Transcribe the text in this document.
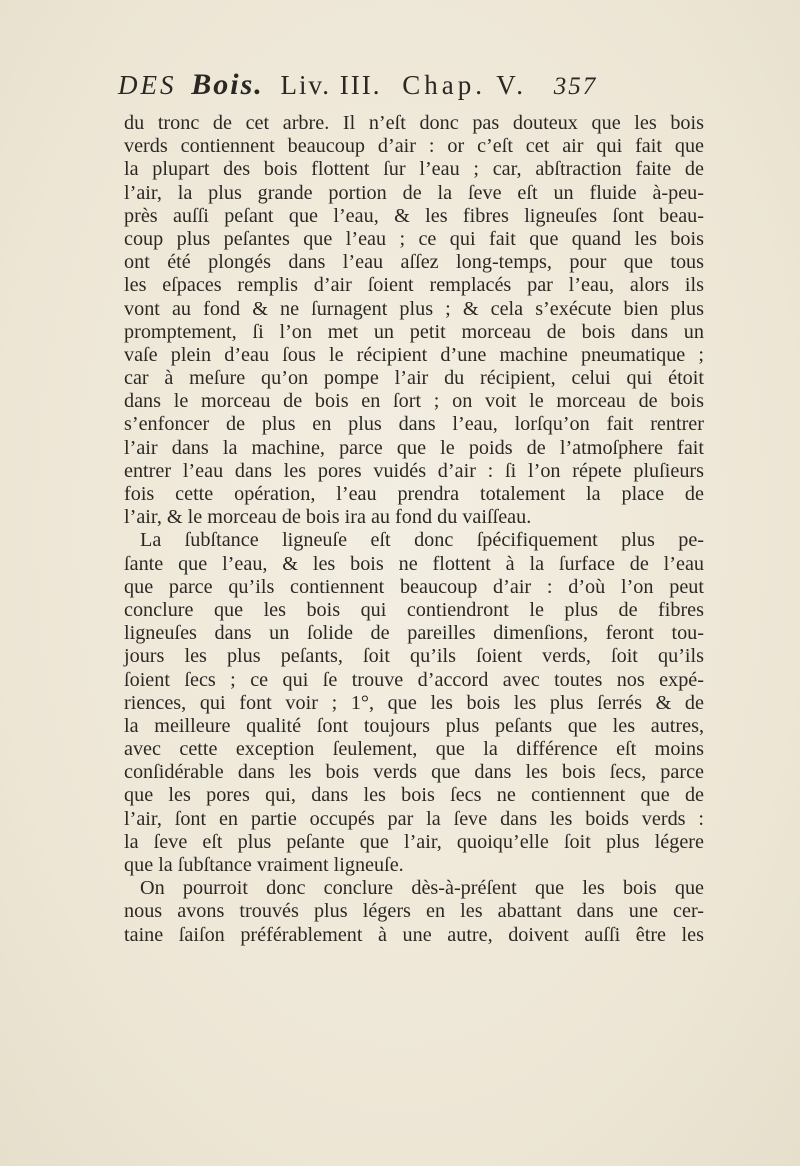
DES Bois. Liv. III. Chap. V. 357
du tronc de cet arbre. Il n’eſt donc pas douteux que les bois
verds contiennent beaucoup d’air : or c’eſt cet air qui fait que
la plupart des bois flottent ſur l’eau ; car, abſtraction faite de
l’air, la plus grande portion de la ſeve eſt un fluide à-peu-
près auſſi peſant que l’eau, & les fibres ligneuſes ſont beau-
coup plus peſantes que l’eau ; ce qui fait que quand les bois
ont été plongés dans l’eau aſſez long-temps, pour que tous
les eſpaces remplis d’air ſoient remplacés par l’eau, alors ils
vont au fond & ne ſurnagent plus ; & cela s’exécute bien plus
promptement, ſi l’on met un petit morceau de bois dans un
vaſe plein d’eau ſous le récipient d’une machine pneumatique ;
car à meſure qu’on pompe l’air du récipient, celui qui étoit
dans le morceau de bois en ſort ; on voit le morceau de bois
s’enfoncer de plus en plus dans l’eau, lorſqu’on fait rentrer
l’air dans la machine, parce que le poids de l’atmoſphere fait
entrer l’eau dans les pores vuidés d’air : ſi l’on répete pluſieurs
fois cette opération, l’eau prendra totalement la place de
l’air, & le morceau de bois ira au fond du vaiſſeau.
La ſubſtance ligneuſe eſt donc ſpécifiquement plus pe-
ſante que l’eau, & les bois ne flottent à la ſurface de l’eau
que parce qu’ils contiennent beaucoup d’air : d’où l’on peut
conclure que les bois qui contiendront le plus de fibres
ligneuſes dans un ſolide de pareilles dimenſions, feront tou-
jours les plus peſants, ſoit qu’ils ſoient verds, ſoit qu’ils
ſoient ſecs ; ce qui ſe trouve d’accord avec toutes nos expé-
riences, qui font voir ; 1°, que les bois les plus ſerrés & de
la meilleure qualité ſont toujours plus peſants que les autres,
avec cette exception ſeulement, que la différence eſt moins
conſidérable dans les bois verds que dans les bois ſecs, parce
que les pores qui, dans les bois ſecs ne contiennent que de
l’air, ſont en partie occupés par la ſeve dans les boids verds :
la ſeve eſt plus peſante que l’air, quoiqu’elle ſoit plus légere
que la ſubſtance vraiment ligneuſe.
On pourroit donc conclure dès-à-préſent que les bois que
nous avons trouvés plus légers en les abattant dans une cer-
taine ſaiſon préférablement à une autre, doivent auſſi être les
